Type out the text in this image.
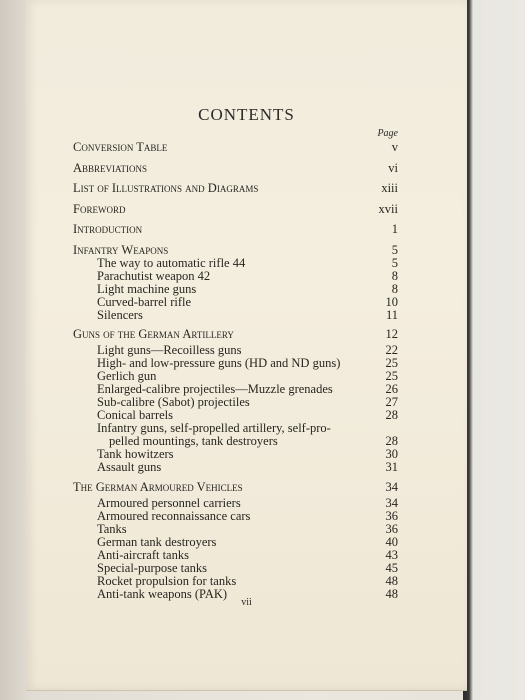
CONTENTS
Page
Conversion Table	v
Abbreviations	vi
List of Illustrations and Diagrams	xiii
Foreword	xvii
Introduction	1
Infantry Weapons	5
The way to automatic rifle 44	5
Parachutist weapon 42	8
Light machine guns	8
Curved-barrel rifle	10
Silencers	11
Guns of the German Artillery	12
Light guns—Recoilless guns	22
High- and low-pressure guns (HD and ND guns)	25
Gerlich gun	25
Enlarged-calibre projectiles—Muzzle grenades	26
Sub-calibre (Sabot) projectiles	27
Conical barrels	28
Infantry guns, self-propelled artillery, self-pro-
pelled mountings, tank destroyers	28
Tank howitzers	30
Assault guns	31
The German Armoured Vehicles	34
Armoured personnel carriers	34
Armoured reconnaissance cars	36
Tanks	36
German tank destroyers	40
Anti-aircraft tanks	43
Special-purpose tanks	45
Rocket propulsion for tanks	48
Anti-tank weapons (PAK)	48
vii
